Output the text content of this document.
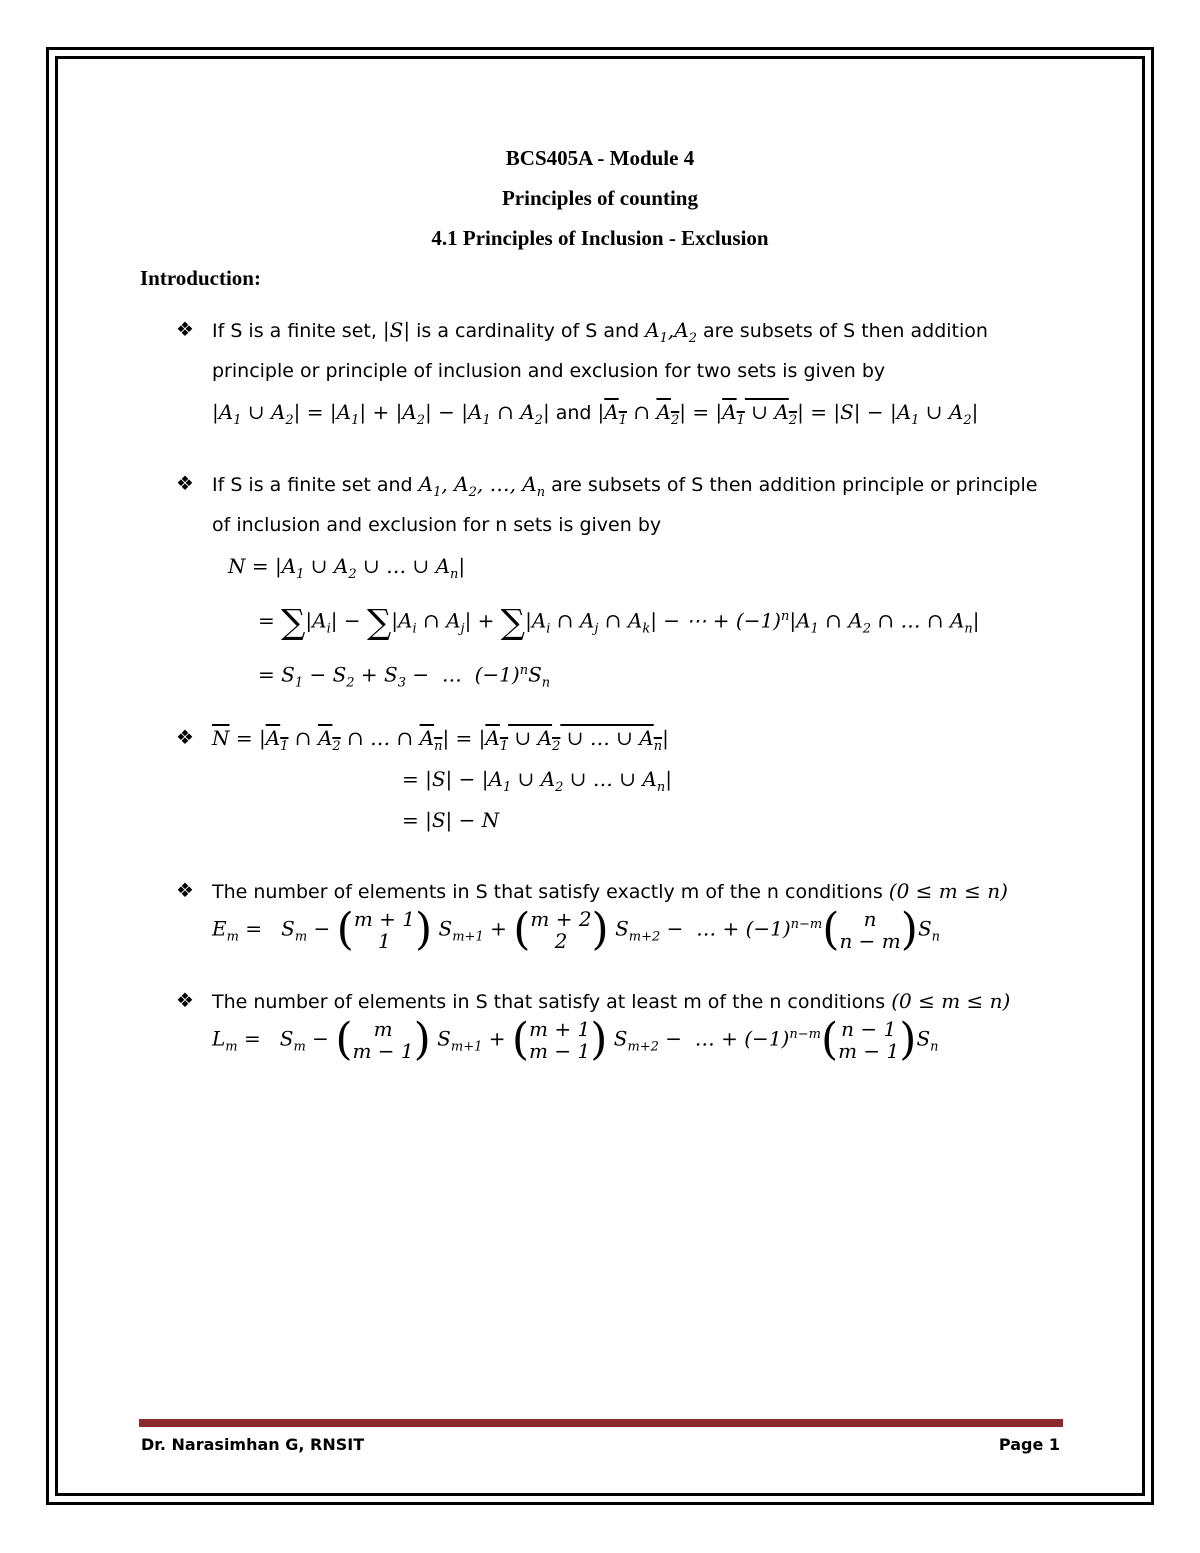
BCS405A - Module 4
Principles of counting
4.1 Principles of Inclusion - Exclusion
Introduction:
❖ If S is a finite set, |S| is a cardinality of S and $A_1,A_2$ are subsets of S then addition
principle or principle of inclusion and exclusion for two sets is given by
$|A_1$ ∪ $A_2| = |A_1| + |A_2| - |A_1$ ∩ $A_2|$ and $|A_1$ ∩ $A_2| = |A_1$ ∪ $A_2| = |S| - |A_1$ ∪ $A_2|$
❖ If S is a finite set and $A_1$, $A_2$, …, $A_n$ are subsets of S then addition principle or principle
of inclusion and exclusion for n sets is given by
$N = |A_1$ ∪ $A_2$ ∪ … ∪ $A_n|$
= $\sum|A_i| - \sum|A_i$ ∩ $A_j| + \sum|A_i$ ∩ $A_j$ ∩ $A_k|$ − ⋯ + $(-1)^n|A_1$ ∩ $A_2$ ∩ … ∩ $A_n|$
= $S_1 - S_2 + S_3$ −  …  $(-1)^nS_n$
❖ $\overline{N} = |A_1$ ∩ $A_2$ ∩ … ∩ $A_n| = |A_1$ ∪ $A_2$ ∪ … ∪ $A_n|$
= $|S| - |A_1$ ∪ $A_2$ ∪ … ∪ $A_n|$
= |S| − N
❖ The number of elements in S that satisfy exactly m of the n conditions (0 ≤ m ≤ n)
$E_m = S_m$ − ( m + 1
1 ) $S_{m+1}$ + ( m + 2
2 ) $S_{m+2}$ −  … + $(-1)^{n-m}$(	n
n − m )$S_n$
❖ The number of elements in S that satisfy at least m of the n conditions (0 ≤ m ≤ n)
$L_m = S_m$ − (	m
m − 1 ) $S_{m+1}$ + ( m + 1
m − 1 ) $S_{m+2}$ −  … + $(-1)^{n-m}$( n − 1
m − 1 )$S_n$
Dr. Narasimhan G, RNSIT	Page 1
